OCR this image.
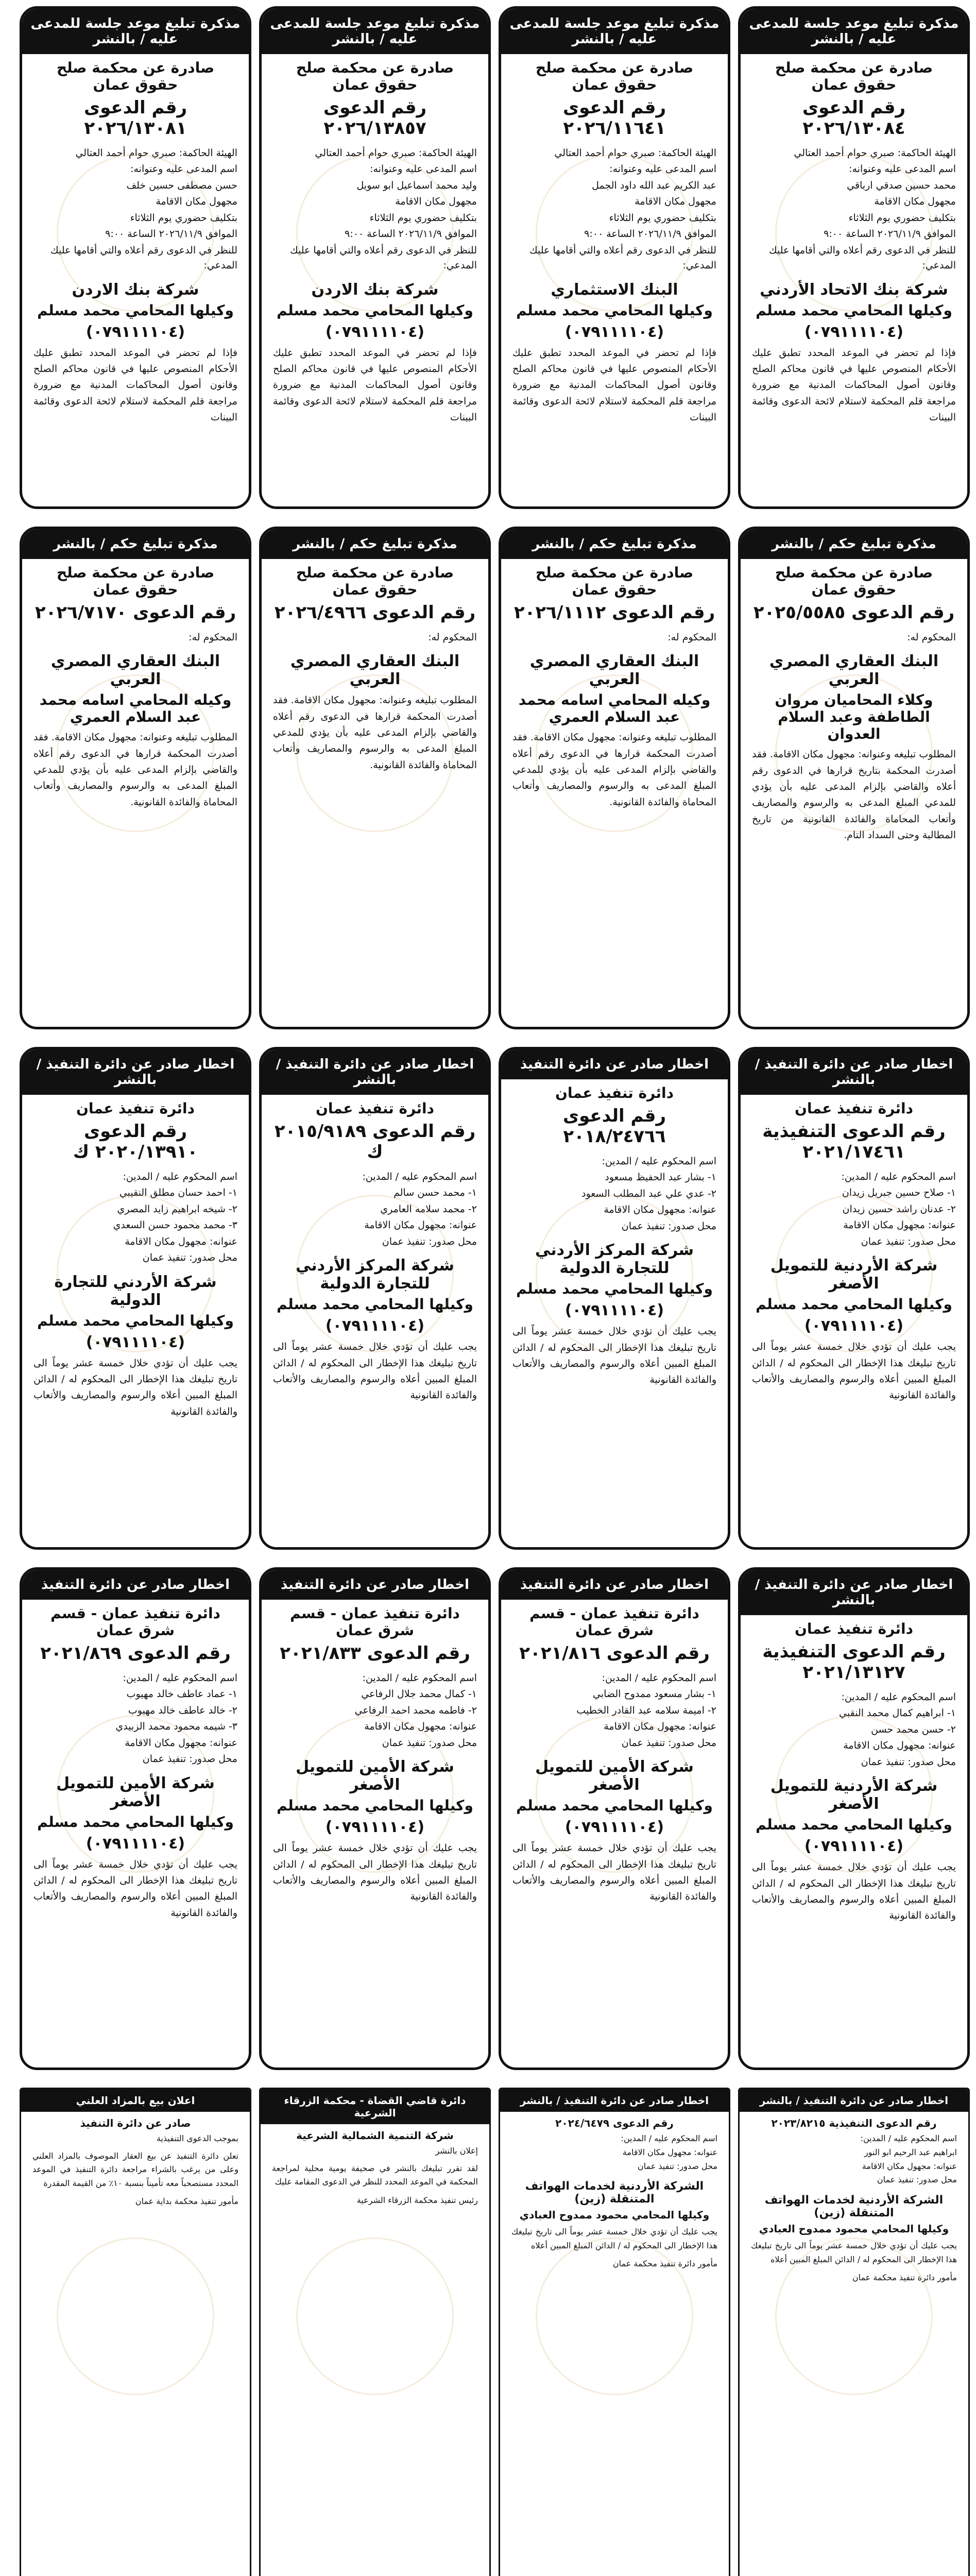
مذكرة تبليغ موعد جلسة للمدعى عليه / بالنشر
صادرة عن محكمة صلح حقوق عمان
رقم الدعوى ٢٠٢٦/١٣٠٨٤
الهيئة الحاكمة: صبري حوام أحمد العتالي
اسم المدعى عليه وعنوانه:
محمد حسين صدقي ارباقي
مجهول مكان الاقامة
بتكليف حضوري يوم الثلاثاء
الموافق ٢٠٢٦/١١/٩ الساعة ٩:٠٠
للنظر في الدعوى رقم أعلاه والتي أقامها عليك المدعي:
شركة بنك الاتحاد الأردني
وكيلها المحامي محمد مسلم
(٠٧٩١١١١٠٤)
فإذا لم تحضر في الموعد المحدد تطبق عليك الأحكام المنصوص عليها في قانون محاكم الصلح وقانون أصول المحاكمات المدنية مع ضرورة مراجعة قلم المحكمة لاستلام لائحة الدعوى وقائمة البينات
مذكرة تبليغ موعد جلسة للمدعى عليه / بالنشر
صادرة عن محكمة صلح حقوق عمان
رقم الدعوى ٢٠٢٦/١١٦٤١
الهيئة الحاكمة: صبري حوام أحمد العتالي
اسم المدعى عليه وعنوانه:
عبد الكريم عبد الله داود الجمل
مجهول مكان الاقامة
بتكليف حضوري يوم الثلاثاء
الموافق ٢٠٢٦/١١/٩ الساعة ٩:٠٠
للنظر في الدعوى رقم أعلاه والتي أقامها عليك المدعي:
البنك الاستثماري
وكيلها المحامي محمد مسلم
(٠٧٩١١١١٠٤)
فإذا لم تحضر في الموعد المحدد تطبق عليك الأحكام المنصوص عليها في قانون محاكم الصلح وقانون أصول المحاكمات المدنية مع ضرورة مراجعة قلم المحكمة لاستلام لائحة الدعوى وقائمة البينات
مذكرة تبليغ موعد جلسة للمدعى عليه / بالنشر
صادرة عن محكمة صلح حقوق عمان
رقم الدعوى ٢٠٢٦/١٣٨٥٧
الهيئة الحاكمة: صبري حوام أحمد العتالي
اسم المدعى عليه وعنوانه:
وليد محمد اسماعيل ابو سويل
مجهول مكان الاقامة
بتكليف حضوري يوم الثلاثاء
الموافق ٢٠٢٦/١١/٩ الساعة ٩:٠٠
للنظر في الدعوى رقم أعلاه والتي أقامها عليك المدعي:
شركة بنك الاردن
وكيلها المحامي محمد مسلم
(٠٧٩١١١١٠٤)
فإذا لم تحضر في الموعد المحدد تطبق عليك الأحكام المنصوص عليها في قانون محاكم الصلح وقانون أصول المحاكمات المدنية مع ضرورة مراجعة قلم المحكمة لاستلام لائحة الدعوى وقائمة البينات
مذكرة تبليغ موعد جلسة للمدعى عليه / بالنشر
صادرة عن محكمة صلح حقوق عمان
رقم الدعوى ٢٠٢٦/١٣٠٨١
الهيئة الحاكمة: صبري حوام أحمد العتالي
اسم المدعى عليه وعنوانه:
حسن مصطفى حسين خلف
مجهول مكان الاقامة
بتكليف حضوري يوم الثلاثاء
الموافق ٢٠٢٦/١١/٩ الساعة ٩:٠٠
للنظر في الدعوى رقم أعلاه والتي أقامها عليك المدعي:
شركة بنك الاردن
وكيلها المحامي محمد مسلم
(٠٧٩١١١١٠٤)
فإذا لم تحضر في الموعد المحدد تطبق عليك الأحكام المنصوص عليها في قانون محاكم الصلح وقانون أصول المحاكمات المدنية مع ضرورة مراجعة قلم المحكمة لاستلام لائحة الدعوى وقائمة البينات
مذكرة تبليغ حكم / بالنشر
صادرة عن محكمة صلح حقوق عمان
رقم الدعوى ٢٠٢٥/٥٥٨٥
المحكوم له:
البنك العقاري المصري العربي
وكلاء المحاميان مروان الطاطفة وعبد السلام العدوان
المطلوب تبليغه وعنوانه: مجهول مكان الاقامة. فقد أصدرت المحكمة بتاريخ قرارها في الدعوى رقم أعلاه والقاضي بإلزام المدعى عليه بأن يؤدي للمدعي المبلغ المدعى به والرسوم والمصاريف وأتعاب المحاماة والفائدة القانونية من تاريخ المطالبة وحتى السداد التام.
مذكرة تبليغ حكم / بالنشر
صادرة عن محكمة صلح حقوق عمان
رقم الدعوى ٢٠٢٦/١١١٢
المحكوم له:
البنك العقاري المصري العربي
وكيله المحامي اسامه محمد عبد السلام العمري
المطلوب تبليغه وعنوانه: مجهول مكان الاقامة. فقد أصدرت المحكمة قرارها في الدعوى رقم أعلاه والقاضي بإلزام المدعى عليه بأن يؤدي للمدعي المبلغ المدعى به والرسوم والمصاريف وأتعاب المحاماة والفائدة القانونية.
مذكرة تبليغ حكم / بالنشر
صادرة عن محكمة صلح حقوق عمان
رقم الدعوى ٢٠٢٦/٤٩٦٦
المحكوم له:
البنك العقاري المصري العربي
المطلوب تبليغه وعنوانه: مجهول مكان الاقامة. فقد أصدرت المحكمة قرارها في الدعوى رقم أعلاه والقاضي بإلزام المدعى عليه بأن يؤدي للمدعي المبلغ المدعى به والرسوم والمصاريف وأتعاب المحاماة والفائدة القانونية.
مذكرة تبليغ حكم / بالنشر
صادرة عن محكمة صلح حقوق عمان
رقم الدعوى ٢٠٢٦/٧١٧٠
المحكوم له:
البنك العقاري المصري العربي
وكيله المحامي اسامه محمد عبد السلام العمري
المطلوب تبليغه وعنوانه: مجهول مكان الاقامة. فقد أصدرت المحكمة قرارها في الدعوى رقم أعلاه والقاضي بإلزام المدعى عليه بأن يؤدي للمدعي المبلغ المدعى به والرسوم والمصاريف وأتعاب المحاماة والفائدة القانونية.
اخطار صادر عن دائرة التنفيذ / بالنشر
دائرة تنفيذ عمان
رقم الدعوى التنفيذية ٢٠٢١/١٧٤٦١
اسم المحكوم عليه / المدين:
١- صلاح حسين جبريل زيدان
٢- عدنان راشد حسين زيدان
عنوانه: مجهول مكان الاقامة
محل صدور: تنفيذ عمان
شركة الأردنية للتمويل الأصغر
وكيلها المحامي محمد مسلم
(٠٧٩١١١١٠٤)
يجب عليك أن تؤدي خلال خمسة عشر يوماً الى تاريخ تبليغك هذا الإخطار الى المحكوم له / الدائن المبلغ المبين أعلاه والرسوم والمصاريف والأتعاب والفائدة القانونية
اخطار صادر عن دائرة التنفيذ
دائرة تنفيذ عمان
رقم الدعوى ٢٠١٨/٢٤٧٦٦
اسم المحكوم عليه / المدين:
١- بشار عبد الحفيظ مسعود
٢- عدي علي عبد المطلب السعود
عنوانه: مجهول مكان الاقامة
محل صدور: تنفيذ عمان
شركة المركز الأردني للتجارة الدولية
وكيلها المحامي محمد مسلم
(٠٧٩١١١١٠٤)
يجب عليك أن تؤدي خلال خمسة عشر يوماً الى تاريخ تبليغك هذا الإخطار الى المحكوم له / الدائن المبلغ المبين أعلاه والرسوم والمصاريف والأتعاب والفائدة القانونية
اخطار صادر عن دائرة التنفيذ / بالنشر
دائرة تنفيذ عمان
رقم الدعوى ٢٠١٥/٩١٨٩ ك
اسم المحكوم عليه / المدين:
١- محمد حسن سالم
٢- محمد سلامه العامري
عنوانه: مجهول مكان الاقامة
محل صدور: تنفيذ عمان
شركة المركز الأردني للتجارة الدولية
وكيلها المحامي محمد مسلم
(٠٧٩١١١١٠٤)
يجب عليك أن تؤدي خلال خمسة عشر يوماً الى تاريخ تبليغك هذا الإخطار الى المحكوم له / الدائن المبلغ المبين أعلاه والرسوم والمصاريف والأتعاب والفائدة القانونية
اخطار صادر عن دائرة التنفيذ / بالنشر
دائرة تنفيذ عمان
رقم الدعوى ٢٠٢٠/١٣٩١٠ ك
اسم المحكوم عليه / المدين:
١- احمد حسان مطلق النقيبي
٢- شيخه ابراهيم زايد المصري
٣- محمد محمود حسن السعدي
عنوانه: مجهول مكان الاقامة
محل صدور: تنفيذ عمان
شركة الأردني للتجارة الدولية
وكيلها المحامي محمد مسلم
(٠٧٩١١١١٠٤)
يجب عليك أن تؤدي خلال خمسة عشر يوماً الى تاريخ تبليغك هذا الإخطار الى المحكوم له / الدائن المبلغ المبين أعلاه والرسوم والمصاريف والأتعاب والفائدة القانونية
اخطار صادر عن دائرة التنفيذ / بالنشر
دائرة تنفيذ عمان
رقم الدعوى التنفيذية ٢٠٢١/١٣١٢٧
اسم المحكوم عليه / المدين:
١- ابراهيم كمال محمد النقبي
٢- حسن محمد حسن
عنوانه: مجهول مكان الاقامة
محل صدور: تنفيذ عمان
شركة الأردنية للتمويل الأصغر
وكيلها المحامي محمد مسلم
(٠٧٩١١١١٠٤)
يجب عليك أن تؤدي خلال خمسة عشر يوماً الى تاريخ تبليغك هذا الإخطار الى المحكوم له / الدائن المبلغ المبين أعلاه والرسوم والمصاريف والأتعاب والفائدة القانونية
اخطار صادر عن دائرة التنفيذ
دائرة تنفيذ عمان - قسم شرق عمان
رقم الدعوى ٢٠٢١/٨١٦
اسم المحكوم عليه / المدين:
١- بشار مسعود ممدوح الضابي
٢- اميمة سلامه عبد القادر الخطيب
عنوانه: مجهول مكان الاقامة
محل صدور: تنفيذ عمان
شركة الأمين للتمويل الأصغر
وكيلها المحامي محمد مسلم
(٠٧٩١١١١٠٤)
يجب عليك أن تؤدي خلال خمسة عشر يوماً الى تاريخ تبليغك هذا الإخطار الى المحكوم له / الدائن المبلغ المبين أعلاه والرسوم والمصاريف والأتعاب والفائدة القانونية
اخطار صادر عن دائرة التنفيذ
دائرة تنفيذ عمان - قسم شرق عمان
رقم الدعوى ٢٠٢١/٨٣٣
اسم المحكوم عليه / المدين:
١- كمال محمد جلال الرفاعي
٢- فاطمه محمد احمد الرفاعي
عنوانه: مجهول مكان الاقامة
محل صدور: تنفيذ عمان
شركة الأمين للتمويل الأصغر
وكيلها المحامي محمد مسلم
(٠٧٩١١١١٠٤)
يجب عليك أن تؤدي خلال خمسة عشر يوماً الى تاريخ تبليغك هذا الإخطار الى المحكوم له / الدائن المبلغ المبين أعلاه والرسوم والمصاريف والأتعاب والفائدة القانونية
اخطار صادر عن دائرة التنفيذ
دائرة تنفيذ عمان - قسم شرق عمان
رقم الدعوى ٢٠٢١/٨٦٩
اسم المحكوم عليه / المدين:
١- عماد عاطف خالد مهيوب
٢- خالد عاطف خالد مهيوب
٣- شيمه محمود محمد الزبيدي
عنوانه: مجهول مكان الاقامة
محل صدور: تنفيذ عمان
شركة الأمين للتمويل الأصغر
وكيلها المحامي محمد مسلم
(٠٧٩١١١١٠٤)
يجب عليك أن تؤدي خلال خمسة عشر يوماً الى تاريخ تبليغك هذا الإخطار الى المحكوم له / الدائن المبلغ المبين أعلاه والرسوم والمصاريف والأتعاب والفائدة القانونية
اخطار صادر عن دائرة التنفيذ / بالنشر
رقم الدعوى التنفيذية ٢٠٢٣/٨٢١٥
اسم المحكوم عليه / المدين:
ابراهيم عبد الرحيم ابو النور
عنوانه: مجهول مكان الاقامة
محل صدور: تنفيذ عمان
الشركة الأردنية لخدمات الهواتف المتنقلة (زين)
وكيلها المحامي محمود ممدوح العبادي
يجب عليك أن تؤدي خلال خمسة عشر يوماً الى تاريخ تبليغك هذا الإخطار الى المحكوم له / الدائن المبلغ المبين أعلاه
مأمور دائرة تنفيذ محكمة عمان
اخطار صادر عن دائرة التنفيذ / بالنشر
رقم الدعوى ٢٠٢٤/٦٤٧٩
اسم المحكوم عليه / المدين:
عنوانه: مجهول مكان الاقامة
محل صدور: تنفيذ عمان
الشركة الأردنية لخدمات الهواتف المتنقلة (زين)
وكيلها المحامي محمود ممدوح العبادي
يجب عليك أن تؤدي خلال خمسة عشر يوماً الى تاريخ تبليغك هذا الإخطار الى المحكوم له / الدائن المبلغ المبين أعلاه
مأمور دائرة تنفيذ محكمة عمان
دائرة قاضي القضاة - محكمة الزرقاء الشرعية
شركة التنمية الشمالية الشرعية
إعلان بالنشر
لقد تقرر تبليغك بالنشر في صحيفة يومية محلية لمراجعة المحكمة في الموعد المحدد للنظر في الدعوى المقامة عليك
رئيس تنفيذ محكمة الزرقاء الشرعية
اعلان بيع بالمزاد العلني
صادر عن دائرة التنفيذ
بموجب الدعوى التنفيذية
تعلن دائرة التنفيذ عن بيع العقار الموصوف بالمزاد العلني وعلى من يرغب بالشراء مراجعة دائرة التنفيذ في الموعد المحدد مستصحباً معه تأميناً بنسبة ١٠٪ من القيمة المقدرة
مأمور تنفيذ محكمة بداية عمان
